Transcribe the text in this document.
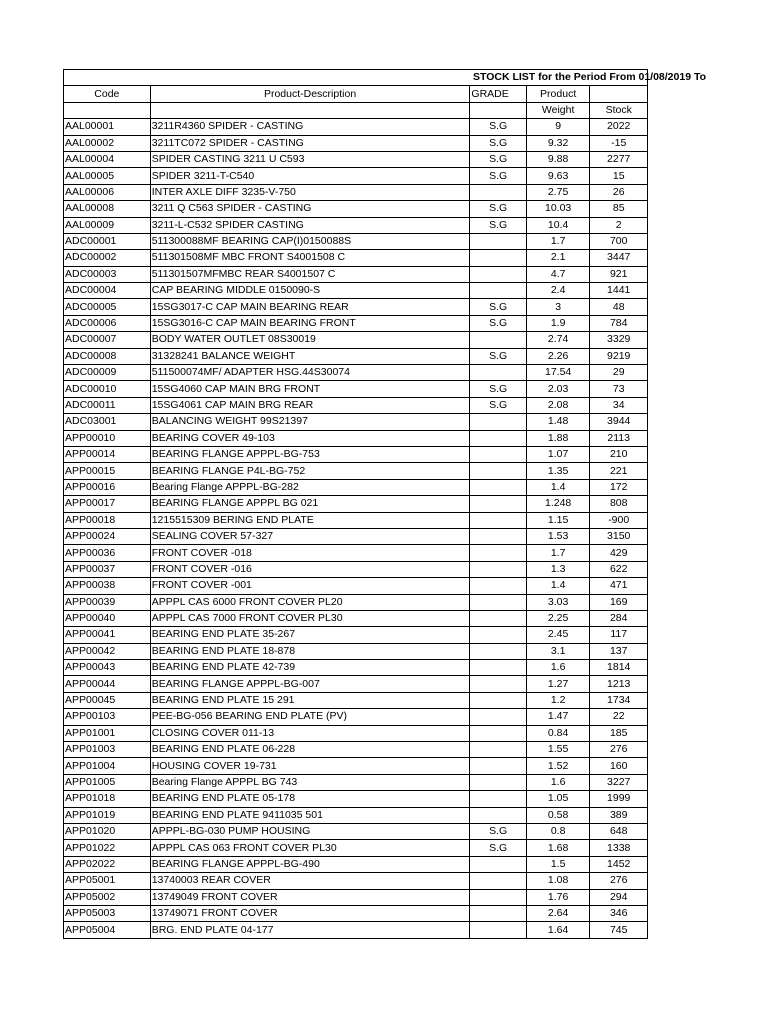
STOCK LIST for the Period From 01/08/2019 To				
Code	Product-Description	GRADE	Product	
			Weight	Stock
AAL00001	3211R4360 SPIDER - CASTING	S.G	9	2022
AAL00002	3211TC072 SPIDER - CASTING	S.G	9.32	-15
AAL00004	SPIDER CASTING 3211 U C593	S.G	9.88	2277
AAL00005	SPIDER 3211-T-C540	S.G	9.63	15
AAL00006	INTER AXLE DIFF 3235-V-750		2.75	26
AAL00008	3211 Q C563 SPIDER - CASTING	S.G	10.03	85
AAL00009	3211-L-C532 SPIDER CASTING	S.G	10.4	2
ADC00001	511300088MF BEARING CAP(I)0150088S		1.7	700
ADC00002	511301508MF MBC FRONT S4001508 C		2.1	3447
ADC00003	511301507MFMBC REAR S4001507 C		4.7	921
ADC00004	CAP BEARING MIDDLE 0150090-S		2.4	1441
ADC00005	15SG3017-C CAP MAIN BEARING REAR	S.G	3	48
ADC00006	15SG3016-C CAP MAIN BEARING FRONT	S.G	1.9	784
ADC00007	BODY WATER OUTLET 08S30019		2.74	3329
ADC00008	31328241 BALANCE WEIGHT	S.G	2.26	9219
ADC00009	511500074MF/ ADAPTER HSG.44S30074		17.54	29
ADC00010	15SG4060 CAP MAIN BRG FRONT	S.G	2.03	73
ADC00011	15SG4061 CAP MAIN BRG REAR	S.G	2.08	34
ADC03001	BALANCING WEIGHT 99S21397		1.48	3944
APP00010	BEARING COVER 49-103		1.88	2113
APP00014	BEARING FLANGE APPPL-BG-753		1.07	210
APP00015	BEARING FLANGE P4L-BG-752		1.35	221
APP00016	Bearing Flange APPPL-BG-282		1.4	172
APP00017	BEARING FLANGE APPPL BG 021		1.248	808
APP00018	1215515309 BERING END PLATE		1.15	-900
APP00024	SEALING COVER 57-327		1.53	3150
APP00036	FRONT COVER -018		1.7	429
APP00037	FRONT COVER -016		1.3	622
APP00038	FRONT COVER -001		1.4	471
APP00039	APPPL CAS 6000 FRONT COVER PL20		3.03	169
APP00040	APPPL CAS 7000 FRONT COVER PL30		2.25	284
APP00041	BEARING END PLATE 35-267		2.45	117
APP00042	BEARING END PLATE 18-878		3.1	137
APP00043	BEARING END PLATE 42-739		1.6	1814
APP00044	BEARING FLANGE APPPL-BG-007		1.27	1213
APP00045	BEARING END PLATE 15 291		1.2	1734
APP00103	PEE-BG-056 BEARING END PLATE (PV)		1.47	22
APP01001	CLOSING COVER 011-13		0.84	185
APP01003	BEARING END PLATE 06-228		1.55	276
APP01004	HOUSING COVER 19-731		1.52	160
APP01005	Bearing Flange APPPL BG 743		1.6	3227
APP01018	BEARING END PLATE 05-178		1.05	1999
APP01019	BEARING END PLATE 9411035 501		0.58	389
APP01020	APPPL-BG-030 PUMP HOUSING	S.G	0.8	648
APP01022	APPPL CAS 063 FRONT COVER PL30	S.G	1.68	1338
APP02022	BEARING FLANGE APPPL-BG-490		1.5	1452
APP05001	13740003 REAR COVER		1.08	276
APP05002	13749049 FRONT COVER		1.76	294
APP05003	13749071 FRONT COVER		2.64	346
APP05004	BRG. END PLATE 04-177		1.64	745
